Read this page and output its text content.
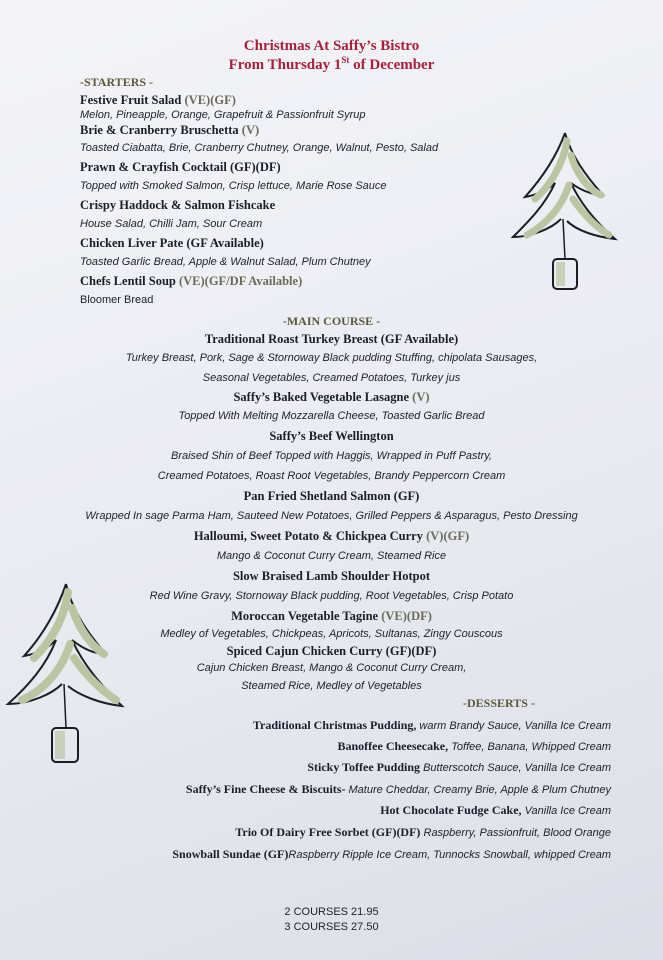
Christmas At Saffy’s Bistro
From Thursday 1St of December
-STARTERS -
Festive Fruit Salad (VE)(GF)
Melon, Pineapple, Orange, Grapefruit & Passionfruit Syrup
Brie & Cranberry Bruschetta (V)
Toasted Ciabatta, Brie, Cranberry Chutney, Orange, Walnut, Pesto, Salad
Prawn & Crayfish Cocktail (GF)(DF)
Topped with Smoked Salmon, Crisp lettuce, Marie Rose Sauce
Crispy Haddock & Salmon Fishcake
House Salad, Chilli Jam, Sour Cream
Chicken Liver Pate (GF Available)
Toasted Garlic Bread, Apple & Walnut Salad, Plum Chutney
Chefs Lentil Soup (VE)(GF/DF Available)
Bloomer Bread
-MAIN COURSE -
Traditional Roast Turkey Breast (GF Available)
Turkey Breast, Pork, Sage & Stornoway Black pudding Stuffing, chipolata Sausages,
Seasonal Vegetables, Creamed Potatoes, Turkey jus
Saffy’s Baked Vegetable Lasagne (V)
Topped With Melting Mozzarella Cheese, Toasted Garlic Bread
Saffy’s Beef Wellington
Braised Shin of Beef Topped with Haggis, Wrapped in Puff Pastry,
Creamed Potatoes, Roast Root Vegetables, Brandy Peppercorn Cream
Pan Fried Shetland Salmon (GF)
Wrapped In sage Parma Ham, Sauteed New Potatoes, Grilled Peppers & Asparagus, Pesto Dressing
Halloumi, Sweet Potato & Chickpea Curry (V)(GF)
Mango & Coconut Curry Cream, Steamed Rice
Slow Braised Lamb Shoulder Hotpot
Red Wine Gravy, Stornoway Black pudding, Root Vegetables, Crisp Potato
Moroccan Vegetable Tagine (VE)(DF)
Medley of Vegetables, Chickpeas, Apricots, Sultanas, Zingy Couscous
Spiced Cajun Chicken Curry (GF)(DF)
Cajun Chicken Breast, Mango & Coconut Curry Cream,
Steamed Rice, Medley of Vegetables
-DESSERTS -
Traditional Christmas Pudding, warm Brandy Sauce, Vanilla Ice Cream
Banoffee Cheesecake, Toffee, Banana, Whipped Cream
Sticky Toffee Pudding Butterscotch Sauce, Vanilla Ice Cream
Saffy’s Fine Cheese & Biscuits- Mature Cheddar, Creamy Brie, Apple & Plum Chutney
Hot Chocolate Fudge Cake, Vanilla Ice Cream
Trio Of Dairy Free Sorbet (GF)(DF) Raspberry, Passionfruit, Blood Orange
Snowball Sundae (GF)Raspberry Ripple Ice Cream, Tunnocks Snowball, whipped Cream
2 COURSES 21.95
3 COURSES 27.50
